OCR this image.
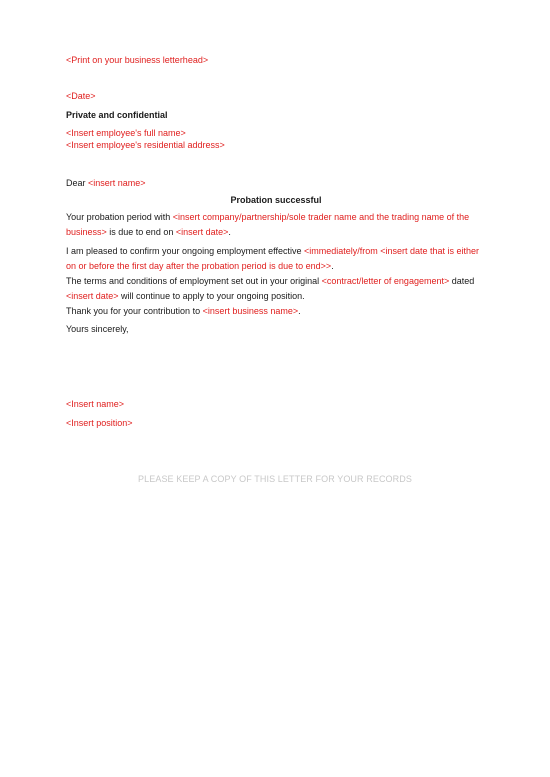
<Print on your business letterhead>
<Date>
Private and confidential
<Insert employee's full name>
<Insert employee's residential address>
Dear <insert name>
Probation successful
Your probation period with <insert company/partnership/sole trader name and the trading name of the business> is due to end on <insert date>.
I am pleased to confirm your ongoing employment effective <immediately/from <insert date that is either on or before the first day after the probation period is due to end>>.
The terms and conditions of employment set out in your original <contract/letter of engagement> dated <insert date> will continue to apply to your ongoing position.
Thank you for your contribution to <insert business name>.
Yours sincerely,
<Insert name>
<Insert position>
PLEASE KEEP A COPY OF THIS LETTER FOR YOUR RECORDS
